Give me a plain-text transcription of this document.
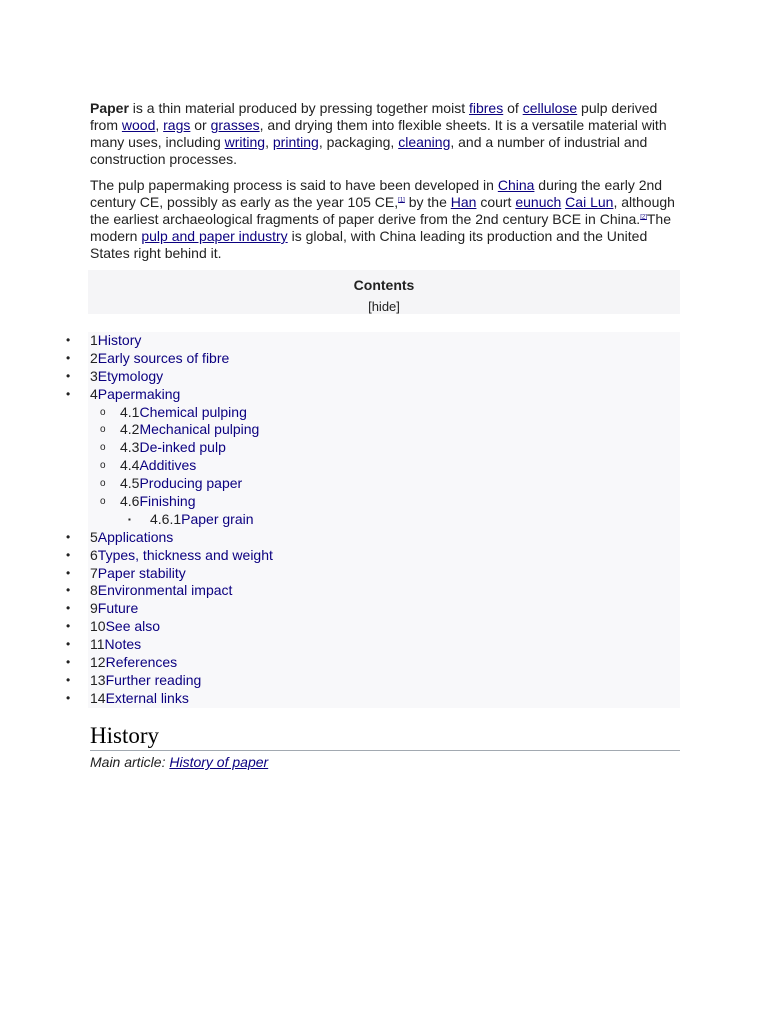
Paper is a thin material produced by pressing together moist fibres of cellulose pulp derived from wood, rags or grasses, and drying them into flexible sheets. It is a versatile material with many uses, including writing, printing, packaging, cleaning, and a number of industrial and construction processes.

The pulp papermaking process is said to have been developed in China during the early 2nd century CE, possibly as early as the year 105 CE,[1] by the Han court eunuch Cai Lun, although the earliest archaeological fragments of paper derive from the 2nd century BCE in China.[2]The modern pulp and paper industry is global, with China leading its production and the United States right behind it.

Contents
[hide]
• 1History
• 2Early sources of fibre
• 3Etymology
• 4Papermaking
o 4.1Chemical pulping
o 4.2Mechanical pulping
o 4.3De-inked pulp
o 4.4Additives
o 4.5Producing paper
o 4.6Finishing
▪ 4.6.1Paper grain
• 5Applications
• 6Types, thickness and weight
• 7Paper stability
• 8Environmental impact
• 9Future
• 10See also
• 11Notes
• 12References
• 13Further reading
• 14External links
History
Main article: History of paper
